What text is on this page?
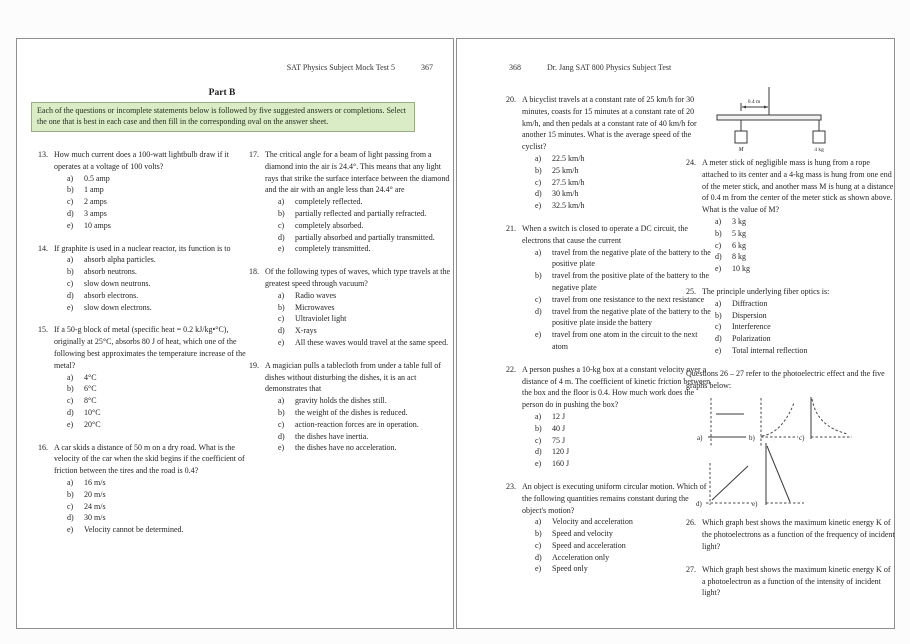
SAT Physics Subject Mock Test 5	367
Part B
Each of the questions or incomplete statements below is followed by five suggested answers or completions. Select the one that is best in each case and then fill in the corresponding oval on the answer sheet.
13. How much current does a 100-watt lightbulb draw if it operates at a voltage of 100 volts?
a)	0.5 amp
b)	1 amp
c)	2 amps
d)	3 amps
e)	10 amps
14. If graphite is used in a nuclear reactor, its function is to
a)	absorb alpha particles.
b)	absorb neutrons.
c)	slow down neutrons.
d)	absorb electrons.
e)	slow down electrons.
15. If a 50-g block of metal (specific heat = 0.2 kJ/kg•°C), originally at 25°C, absorbs 80 J of heat, which one of the following best approximates the temperature increase of the metal?
a)	4°C
b)	6°C
c)	8°C
d)	10°C
e)	20°C
16. A car skids a distance of 50 m on a dry road. What is the velocity of the car when the skid begins if the coefficient of friction between the tires and the road is 0.4?
a)	16 m/s
b)	20 m/s
c)	24 m/s
d)	30 m/s
e)	Velocity cannot be determined.
17. The critical angle for a beam of light passing from a diamond into the air is 24.4°. This means that any light rays that strike the surface interface between the diamond and the air with an angle less than 24.4° are
a)	completely reflected.
b)	partially reflected and partially refracted.
c)	completely absorbed.
d)	partially absorbed and partially transmitted.
e)	completely transmitted.
18. Of the following types of waves, which type travels at the greatest speed through vacuum?
a)	Radio waves
b)	Microwaves
c)	Ultraviolet light
d)	X-rays
e)	All these waves would travel at the same speed.
19. A magician pulls a tablecloth from under a table full of dishes without disturbing the dishes, it is an act demonstrates that
a)	gravity holds the dishes still.
b)	the weight of the dishes is reduced.
c)	action-reaction forces are in operation.
d)	the dishes have inertia.
e)	the dishes have no acceleration.
368	Dr. Jang SAT 800 Physics Subject Test
20. A bicyclist travels at a constant rate of 25 km/h for 30 minutes, coasts for 15 minutes at a constant rate of 20 km/h, and then pedals at a constant rate of 40 km/h for another 15 minutes. What is the average speed of the cyclist?
a)	22.5 km/h
b)	25 km/h
c)	27.5 km/h
d)	30 km/h
e)	32.5 km/h
21. When a switch is closed to operate a DC circuit, the electrons that cause the current
a)	travel from the negative plate of the battery to the positive plate
b)	travel from the positive plate of the battery to the negative plate
c)	travel from one resistance to the next resistance
d)	travel from the negative plate of the battery to the positive plate inside the battery
e)	travel from one atom in the circuit to the next atom
22. A person pushes a 10-kg box at a constant velocity over a distance of 4 m. The coefficient of kinetic friction between the box and the floor is 0.4. How much work does the person do in pushing the box?
a)	12 J
b)	40 J
c)	75 J
d)	120 J
e)	160 J
23. An object is executing uniform circular motion. Which of the following quantities remains constant during the object's motion?
a)	Velocity and acceleration
b)	Speed and velocity
c)	Speed and acceleration
d)	Acceleration only
e)	Speed only
0.4 m
M	4 kg
24. A meter stick of negligible mass is hung from a rope attached to its center and a 4-kg mass is hung from one end of the meter stick, and another mass M is hung at a distance of 0.4 m from the center of the meter stick as shown above. What is the value of M?
a)	3 kg
b)	5 kg
c)	6 kg
d)	8 kg
e)	10 kg
25. The principle underlying fiber optics is:
a)	Diffraction
b)	Dispersion
c)	Interference
d)	Polarization
e)	Total internal reflection
Questions 26 – 27 refer to the photoelectric effect and the five graphs below:
a)	b)	c)
d)	e)
26. Which graph best shows the maximum kinetic energy K of the photoelectrons as a function of the frequency of incident light?
27. Which graph best shows the maximum kinetic energy K of a photoelectron as a function of the intensity of incident light?
